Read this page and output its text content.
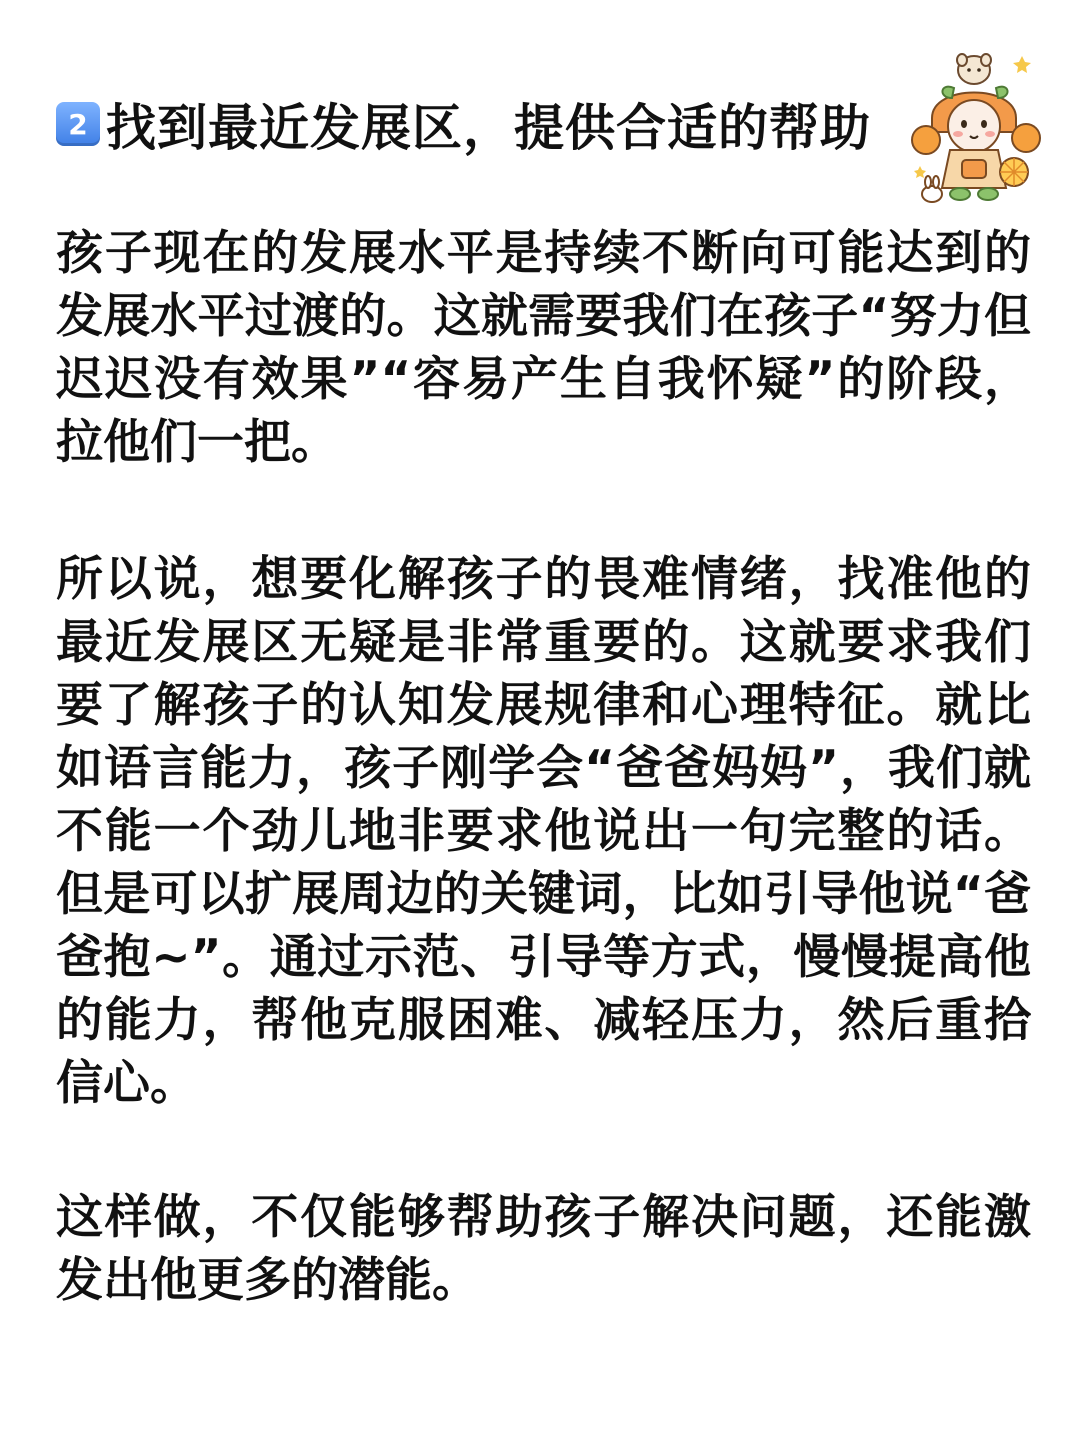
2 找到最近发展区，提供合适的帮助

孩子现在的发展水平是持续不断向可能达到的发展水平过渡的。这就需要我们在孩子“努力但迟迟没有效果”“容易产生自我怀疑”的阶段，拉他们一把。

所以说，想要化解孩子的畏难情绪，找准他的最近发展区无疑是非常重要的。这就要求我们要了解孩子的认知发展规律和心理特征。就比如语言能力，孩子刚学会“爸爸妈妈”，我们就不能一个劲儿地非要求他说出一句完整的话。但是可以扩展周边的关键词，比如引导他说“爸爸抱~”。通过示范、引导等方式，慢慢提高他的能力，帮他克服困难、减轻压力，然后重拾信心。

这样做，不仅能够帮助孩子解决问题，还能激发出他更多的潜能。
